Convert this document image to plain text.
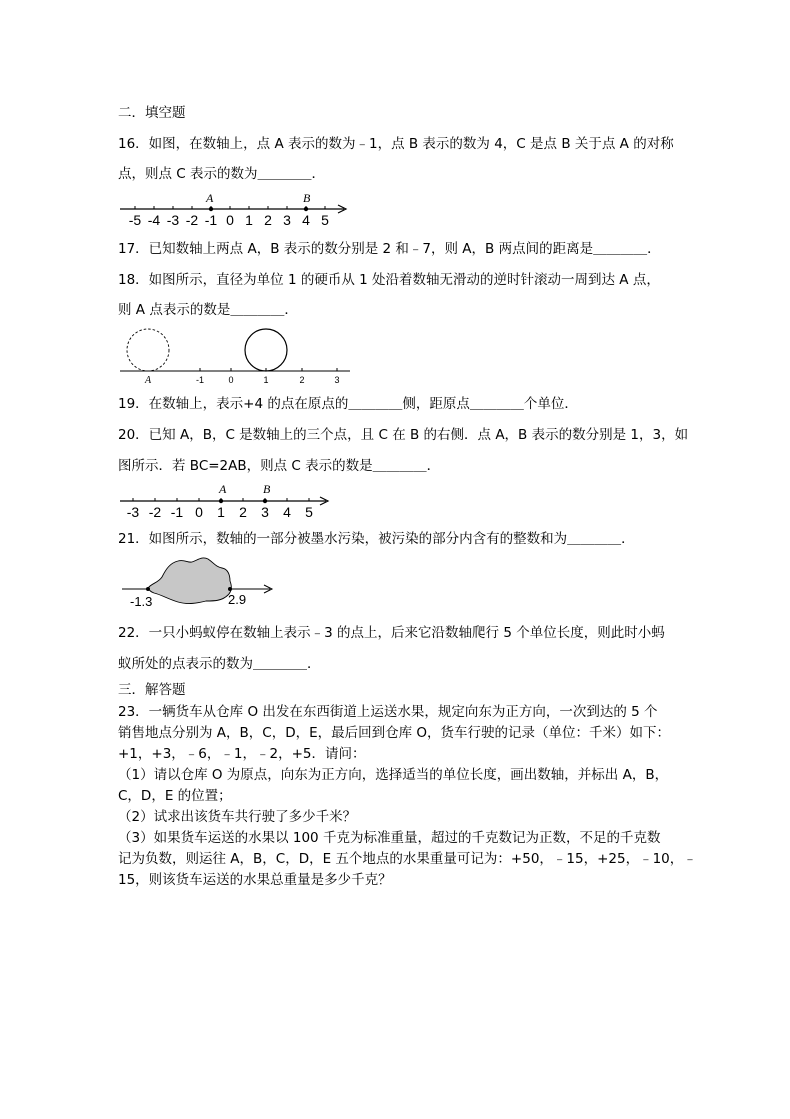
二．填空题
16．如图，在数轴上，点 A 表示的数为﹣1，点 B 表示的数为 4，C 是点 B 关于点 A 的对称
点，则点 C 表示的数为＿＿＿＿．
-5 -4 -3 -2 -1 0 1 2 3 4 5
A	B
17．已知数轴上两点 A，B 表示的数分别是 2 和﹣7，则 A，B 两点间的距离是＿＿＿＿．
18．如图所示，直径为单位 1 的硬币从 1 处沿着数轴无滑动的逆时针滚动一周到达 A 点，
则 A 点表示的数是＿＿＿＿．
A	-1	0	1	2	3
19．在数轴上，表示+4 的点在原点的＿＿＿＿侧，距原点＿＿＿＿个单位．
20．已知 A，B，C 是数轴上的三个点，且 C 在 B 的右侧．点 A，B 表示的数分别是 1，3，如
图所示．若 BC=2AB，则点 C 表示的数是＿＿＿＿．
-3 -2 -1 0 1 2 3 4 5
A	B
21．如图所示，数轴的一部分被墨水污染，被污染的部分内含有的整数和为＿＿＿＿．
-1.3	2.9
22．一只小蚂蚁停在数轴上表示﹣3 的点上，后来它沿数轴爬行 5 个单位长度，则此时小蚂
蚁所处的点表示的数为＿＿＿＿．
三．解答题
23．一辆货车从仓库 O 出发在东西街道上运送水果，规定向东为正方向，一次到达的 5 个
销售地点分别为 A，B，C，D，E，最后回到仓库 O，货车行驶的记录（单位：千米）如下：
+1，+3，﹣6，﹣1，﹣2，+5．请问：
（1）请以仓库 O 为原点，向东为正方向，选择适当的单位长度，画出数轴，并标出 A，B，
C，D，E 的位置；
（2）试求出该货车共行驶了多少千米？
（3）如果货车运送的水果以 100 千克为标准重量，超过的千克数记为正数，不足的千克数
记为负数，则运往 A，B，C，D，E 五个地点的水果重量可记为：+50，﹣15，+25，﹣10，﹣
15，则该货车运送的水果总重量是多少千克？
